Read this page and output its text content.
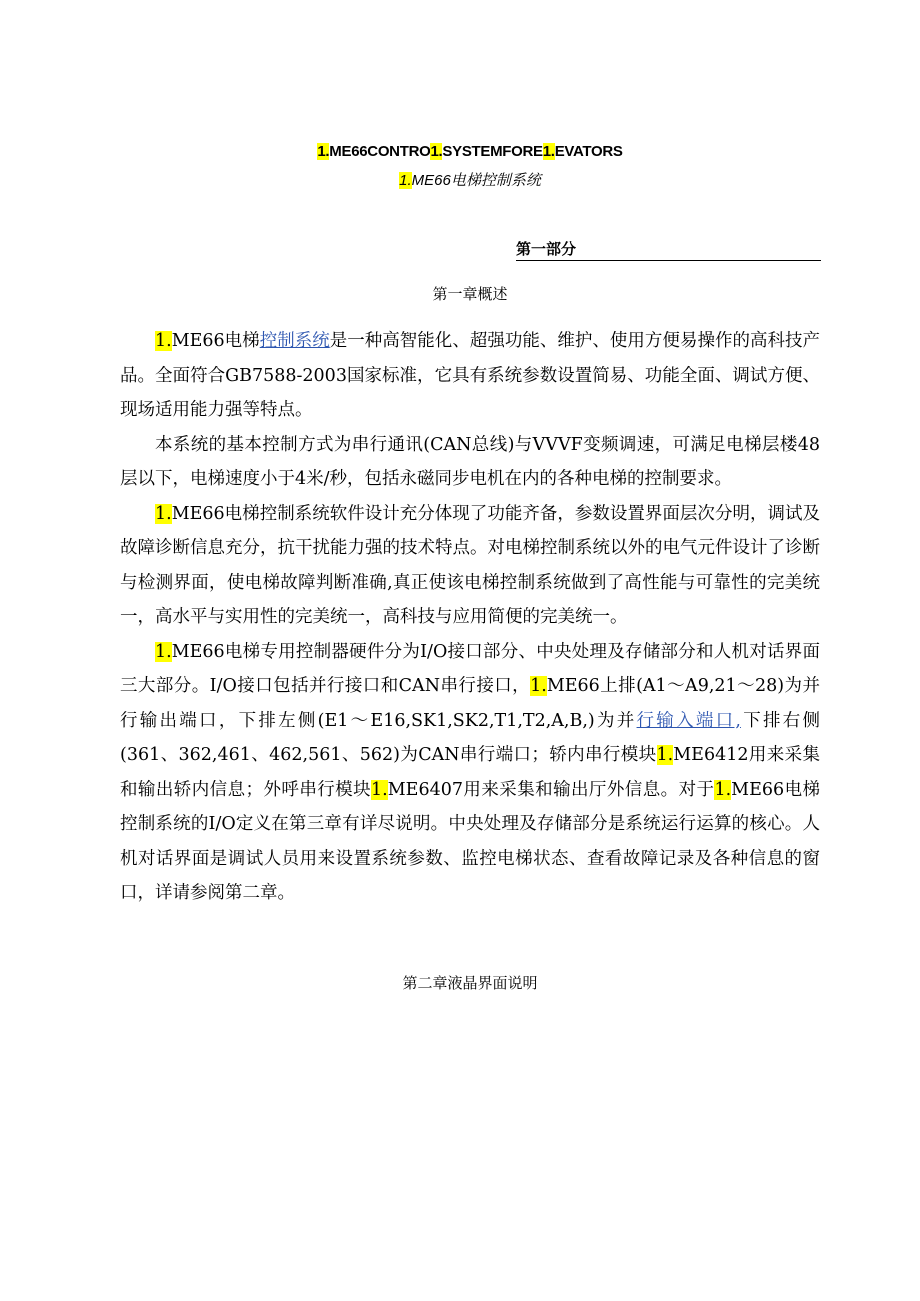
1.ME66CONTRO1.SYSTEMFORE1.EVATORS
1.ME66电梯控制系统
第一部分
第一章概述

1.ME66电梯控制系统是一种高智能化、超强功能、维护、使用方便易操作的高科技产品。全面符合GB7588-2003国家标准，它具有系统参数设置简易、功能全面、调试方便、现场适用能力强等特点。

本系统的基本控制方式为串行通讯(CAN总线)与VVVF变频调速，可满足电梯层楼48层以下，电梯速度小于4米/秒，包括永磁同步电机在内的各种电梯的控制要求。

1.ME66电梯控制系统软件设计充分体现了功能齐备，参数设置界面层次分明，调试及故障诊断信息充分，抗干扰能力强的技术特点。对电梯控制系统以外的电气元件设计了诊断与检测界面，使电梯故障判断准确,真正使该电梯控制系统做到了高性能与可靠性的完美统一，高水平与实用性的完美统一，高科技与应用简便的完美统一。

1.ME66电梯专用控制器硬件分为I/O接口部分、中央处理及存储部分和人机对话界面三大部分。I/O接口包括并行接口和CAN串行接口，1.ME66上排(A1～A9,21～28)为并行输出端口，下排左侧(E1～E16,SK1,SK2,T1,T2,A,B,)为并行输入端口,下排右侧(361、362,461、462,561、562)为CAN串行端口；轿内串行模块1.ME6412用来采集和输出轿内信息；外呼串行模块1.ME6407用来采集和输出厅外信息。对于1.ME66电梯控制系统的I/O定义在第三章有详尽说明。中央处理及存储部分是系统运行运算的核心。人机对话界面是调试人员用来设置系统参数、监控电梯状态、查看故障记录及各种信息的窗口，详请参阅第二章。

第二章液晶界面说明
